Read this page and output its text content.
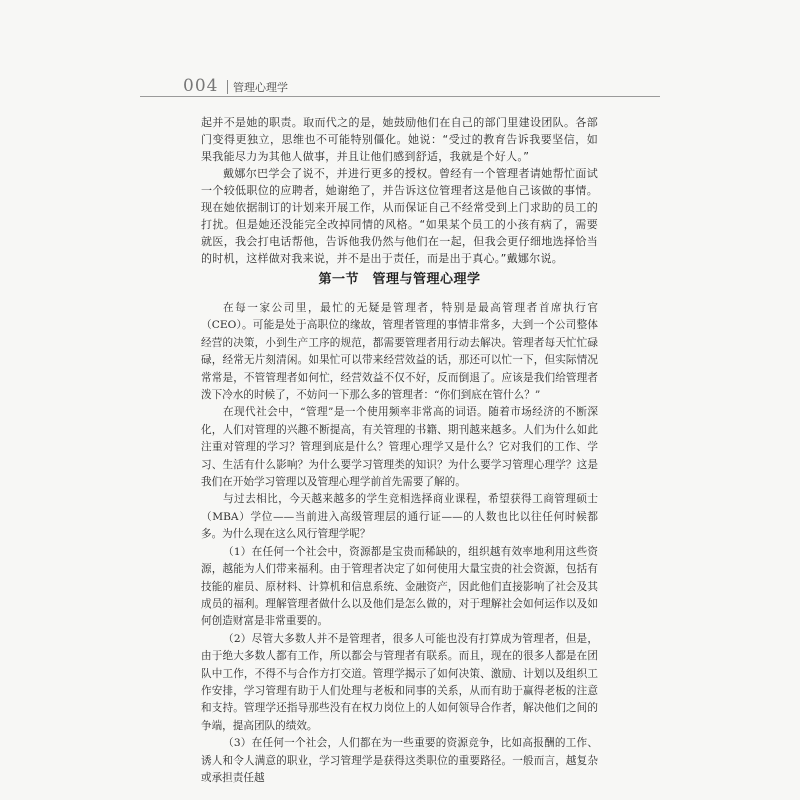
004 管理心理学

起并不是她的职责。取而代之的是，她鼓励他们在自己的部门里建设团队。各部门变得更独立，思维也不可能特别僵化。她说：“受过的教育告诉我要坚信，如果我能尽力为其他人做事，并且让他们感到舒适，我就是个好人。”

戴娜尔巴学会了说不，并进行更多的授权。曾经有一个管理者请她帮忙面试一个较低职位的应聘者，她谢绝了，并告诉这位管理者这是他自己该做的事情。现在她依据制订的计划来开展工作，从而保证自己不经常受到上门求助的员工的打扰。但是她还没能完全改掉同情的风格。“如果某个员工的小孩有病了，需要就医，我会打电话帮他，告诉他我仍然与他们在一起，但我会更仔细地选择恰当的时机，这样做对我来说，并不是出于责任，而是出于真心。”戴娜尔说。

第一节　管理与管理心理学

在每一家公司里，最忙的无疑是管理者，特别是最高管理者首席执行官（CEO）。可能是处于高职位的缘故，管理者管理的事情非常多，大到一个公司整体经营的决策，小到生产工序的规范，都需要管理者用行动去解决。管理者每天忙忙碌碌，经常无片刻清闲。如果忙可以带来经营效益的话，那还可以忙一下，但实际情况常常是，不管管理者如何忙，经营效益不仅不好，反而倒退了。应该是我们给管理者泼下冷水的时候了，不妨问一下那么多的管理者：“你们到底在管什么？”

在现代社会中，“管理”是一个使用频率非常高的词语。随着市场经济的不断深化，人们对管理的兴趣不断提高，有关管理的书籍、期刊越来越多。人们为什么如此注重对管理的学习？管理到底是什么？管理心理学又是什么？它对我们的工作、学习、生活有什么影响？为什么要学习管理类的知识？为什么要学习管理心理学？这是我们在开始学习管理以及管理心理学前首先需要了解的。

与过去相比，今天越来越多的学生竞相选择商业课程，希望获得工商管理硕士（MBA）学位——当前进入高级管理层的通行证——的人数也比以往任何时候都多。为什么现在这么风行管理学呢？

（1）在任何一个社会中，资源都是宝贵而稀缺的，组织越有效率地利用这些资源，越能为人们带来福利。由于管理者决定了如何使用大量宝贵的社会资源，包括有技能的雇员、原材料、计算机和信息系统、金融资产，因此他们直接影响了社会及其成员的福利。理解管理者做什么以及他们是怎么做的，对于理解社会如何运作以及如何创造财富是非常重要的。

（2）尽管大多数人并不是管理者，很多人可能也没有打算成为管理者，但是，由于绝大多数人都有工作，所以都会与管理者有联系。而且，现在的很多人都是在团队中工作，不得不与合作方打交道。管理学揭示了如何决策、激励、计划以及组织工作安排，学习管理有助于人们处理与老板和同事的关系，从而有助于赢得老板的注意和支持。管理学还指导那些没有在权力岗位上的人如何领导合作者，解决他们之间的争端，提高团队的绩效。

（3）在任何一个社会，人们都在为一些重要的资源竞争，比如高报酬的工作、诱人和令人满意的职业，学习管理学是获得这类职位的重要路径。一般而言，越复杂或承担责任越
